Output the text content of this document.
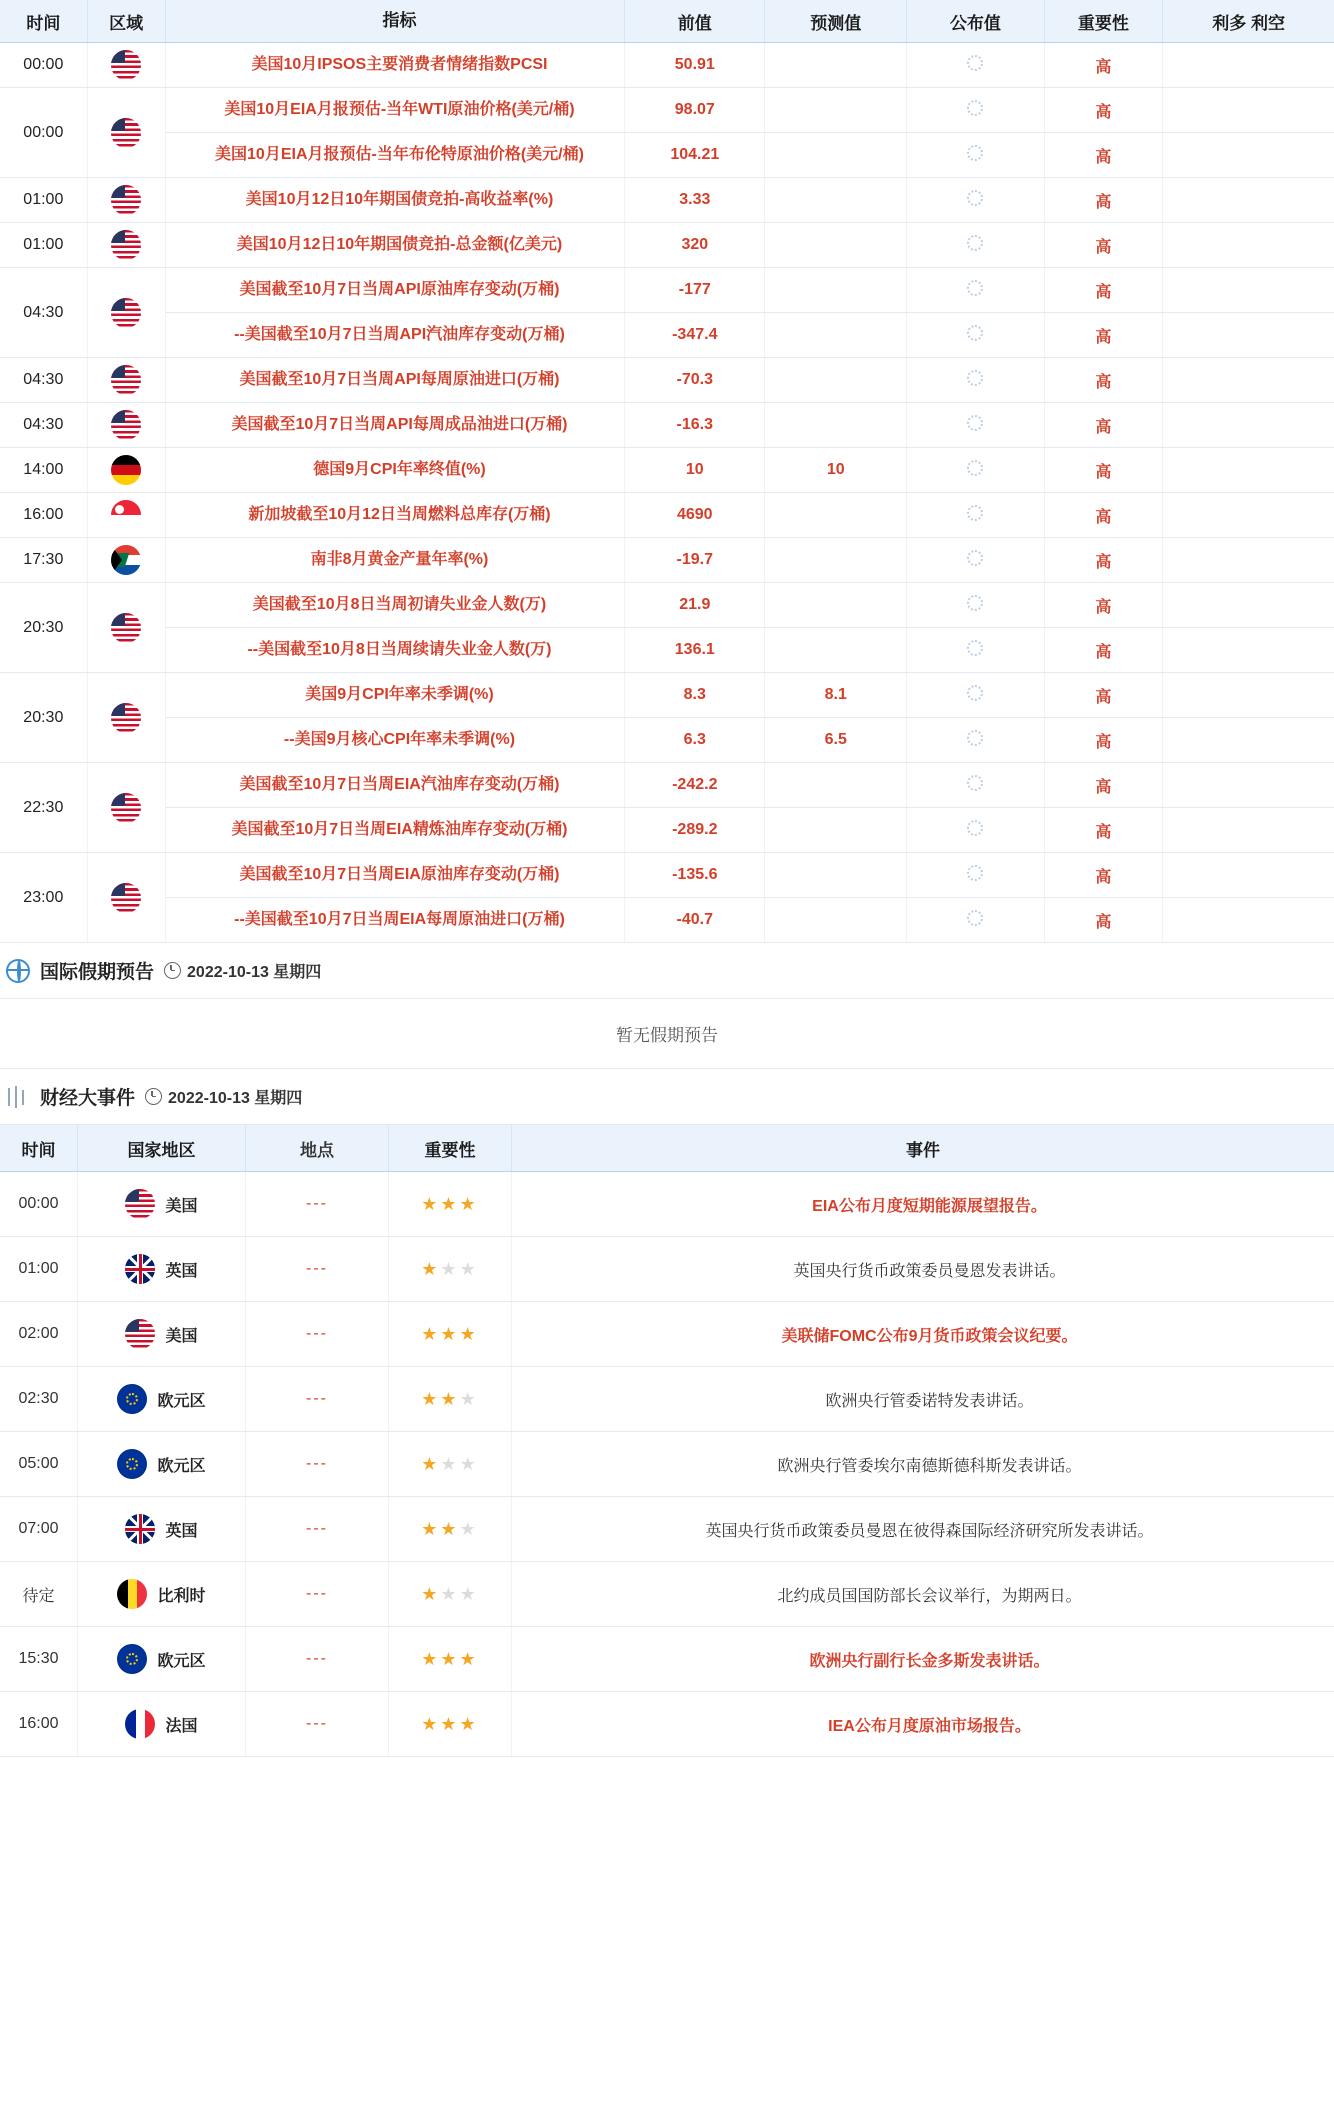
时间	区域	指标	前值	预测值	公布值	重要性	利多 利空
00:00		美国10月IPSOS主要消费者情绪指数PCSI	50.91			高	
00:00		美国10月EIA月报预估-当年WTI原油价格(美元/桶)	98.07			高	
		美国10月EIA月报预估-当年布伦特原油价格(美元/桶)	104.21			高	
01:00		美国10月12日10年期国债竞拍-高收益率(%)	3.33			高	
01:00		美国10月12日10年期国债竞拍-总金额(亿美元)	320			高	
04:30		美国截至10月7日当周API原油库存变动(万桶)	-177			高	
		--美国截至10月7日当周API汽油库存变动(万桶)	-347.4			高	
04:30		美国截至10月7日当周API每周原油进口(万桶)	-70.3			高	
04:30		美国截至10月7日当周API每周成品油进口(万桶)	-16.3			高	
14:00		德国9月CPI年率终值(%)	10	10		高	
16:00		新加坡截至10月12日当周燃料总库存(万桶)	4690			高	
17:30		南非8月黄金产量年率(%)	-19.7			高	
20:30		美国截至10月8日当周初请失业金人数(万)	21.9			高	
		--美国截至10月8日当周续请失业金人数(万)	136.1			高	
20:30		美国9月CPI年率未季调(%)	8.3	8.1		高	
		--美国9月核心CPI年率未季调(%)	6.3	6.5		高	
22:30		美国截至10月7日当周EIA汽油库存变动(万桶)	-242.2			高	
		美国截至10月7日当周EIA精炼油库存变动(万桶)	-289.2			高	
23:00		美国截至10月7日当周EIA原油库存变动(万桶)	-135.6			高	
		--美国截至10月7日当周EIA每周原油进口(万桶)	-40.7			高	
国际假期预告 2022-10-13 星期四
暂无假期预告
财经大事件 2022-10-13 星期四
时间	国家地区	地点	重要性	事件
00:00	美国	---	★★★	EIA公布月度短期能源展望报告。
01:00	英国	---	★★★	英国央行货币政策委员曼恩发表讲话。
02:00	美国	---	★★★	美联储FOMC公布9月货币政策会议纪要。
02:30	欧元区	---	★★★	欧洲央行管委诺特发表讲话。
05:00	欧元区	---	★★★	欧洲央行管委埃尔南德斯德科斯发表讲话。
07:00	英国	---	★★★	英国央行货币政策委员曼恩在彼得森国际经济研究所发表讲话。
待定	比利时	---	★★★	北约成员国国防部长会议举行，为期两日。
15:30	欧元区	---	★★★	欧洲央行副行长金多斯发表讲话。
16:00	法国	---	★★★	IEA公布月度原油市场报告。
